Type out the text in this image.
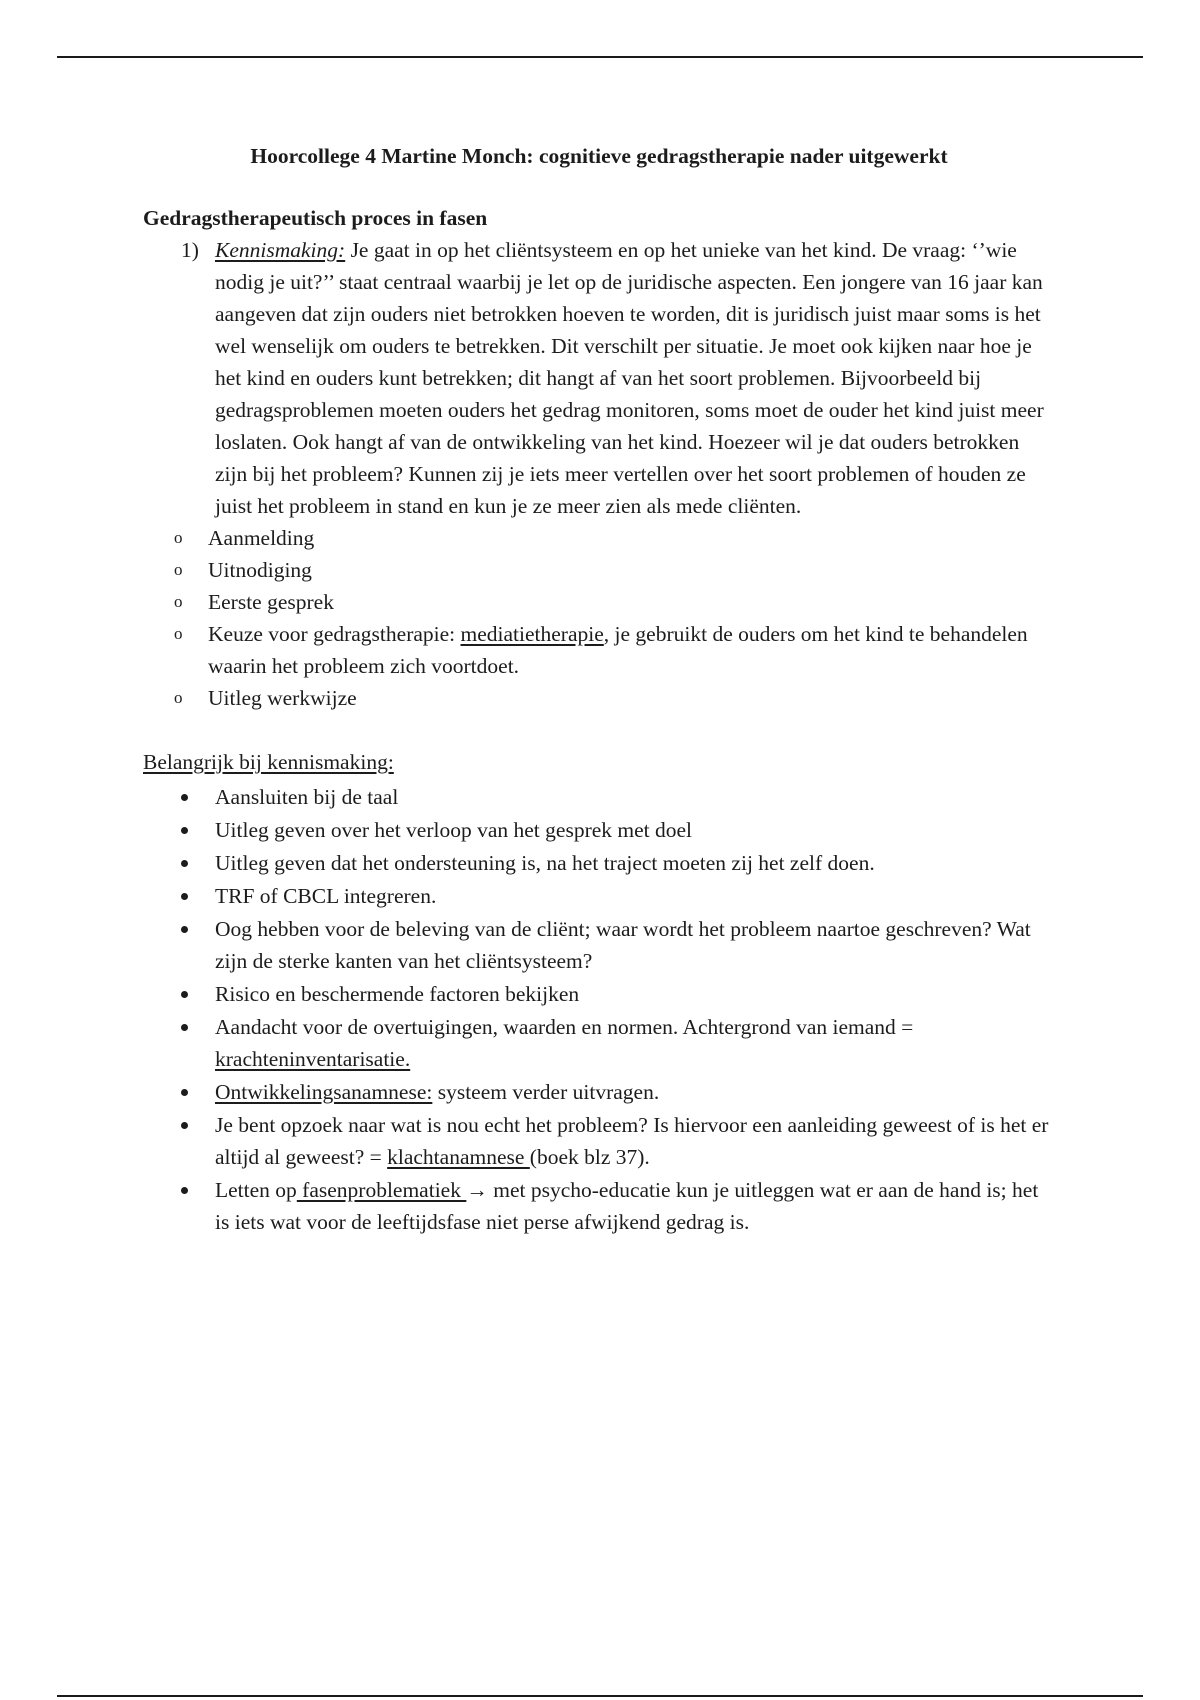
Hoorcollege 4 Martine Monch: cognitieve gedragstherapie nader uitgewerkt

Gedragstherapeutisch proces in fasen

1) Kennismaking: Je gaat in op het cliëntsysteem en op het unieke van het kind. De vraag: ‘’wie nodig je uit?’’ staat centraal waarbij je let op de juridische aspecten. Een jongere van 16 jaar kan aangeven dat zijn ouders niet betrokken hoeven te worden, dit is juridisch juist maar soms is het wel wenselijk om ouders te betrekken. Dit verschilt per situatie. Je moet ook kijken naar hoe je het kind en ouders kunt betrekken; dit hangt af van het soort problemen. Bijvoorbeeld bij gedragsproblemen moeten ouders het gedrag monitoren, soms moet de ouder het kind juist meer loslaten. Ook hangt af van de ontwikkeling van het kind. Hoezeer wil je dat ouders betrokken zijn bij het probleem? Kunnen zij je iets meer vertellen over het soort problemen of houden ze juist het probleem in stand en kun je ze meer zien als mede cliënten.
o Aanmelding
o Uitnodiging
o Eerste gesprek
o Keuze voor gedragstherapie: mediatietherapie, je gebruikt de ouders om het kind te behandelen waarin het probleem zich voortdoet.
o Uitleg werkwijze

Belangrijk bij kennismaking:

Aansluiten bij de taal
Uitleg geven over het verloop van het gesprek met doel
Uitleg geven dat het ondersteuning is, na het traject moeten zij het zelf doen.
TRF of CBCL integreren.
Oog hebben voor de beleving van de cliënt; waar wordt het probleem naartoe geschreven? Wat zijn de sterke kanten van het cliëntsysteem?
Risico en beschermende factoren bekijken
Aandacht voor de overtuigingen, waarden en normen. Achtergrond van iemand = krachteninventarisatie.
Ontwikkelingsanamnese: systeem verder uitvragen.
Je bent opzoek naar wat is nou echt het probleem? Is hiervoor een aanleiding geweest of is het er altijd al geweest? = klachtanamnese (boek blz 37).
Letten op fasenproblematiek → met psycho-educatie kun je uitleggen wat er aan de hand is; het is iets wat voor de leeftijdsfase niet perse afwijkend gedrag is.
